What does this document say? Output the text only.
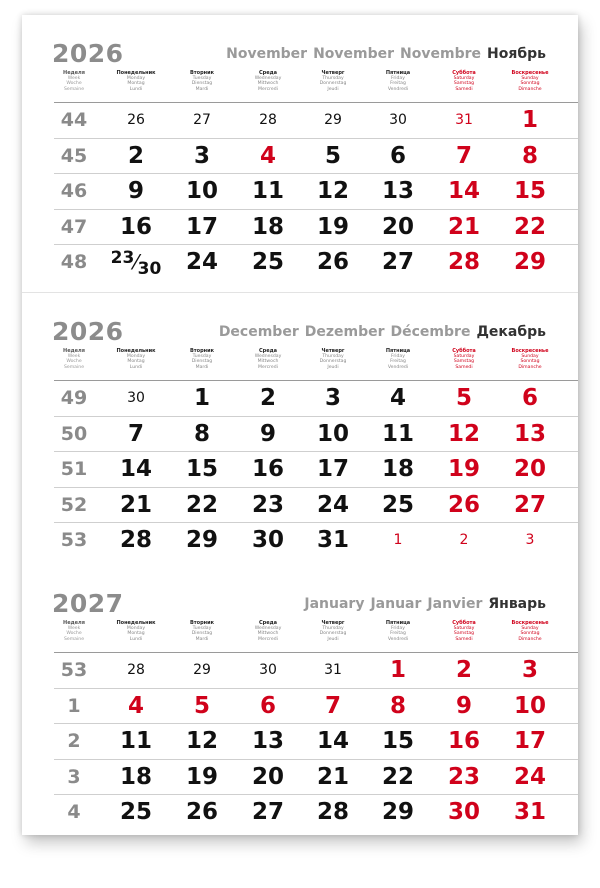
2026	November November Novembre Ноябрь
Неделя
Week
Woche
Semaine
Понедельник
Monday
Montag
Lundi
Вторник
Tuesday
Dienstag
Mardi
Среда
Wednesday
Mittwoch
Mercredi
Четверг
Thursday
Donnerstag
Jeudi
Пятница
Friday
Freitag
Vendredi
Суббота
Saturday
Samstag
Samedi
Воскресенье
Sunday
Sonntag
Dimanche
44	26	27	28	29	30	31	1
45	2	3	4	5	6	7	8
46	9	10	11	12	13	14	15
47	16	17	18	19	20	21	22
48	23⁄30	24	25	26	27	28	29
2026	December Dezember Décembre Декабрь
Неделя
Week
Woche
Semaine
Понедельник
Monday
Montag
Lundi
Вторник
Tuesday
Dienstag
Mardi
Среда
Wednesday
Mittwoch
Mercredi
Четверг
Thursday
Donnerstag
Jeudi
Пятница
Friday
Freitag
Vendredi
Суббота
Saturday
Samstag
Samedi
Воскресенье
Sunday
Sonntag
Dimanche
49	30	1	2	3	4	5	6
50	7	8	9	10	11	12	13
51	14	15	16	17	18	19	20
52	21	22	23	24	25	26	27
53	28	29	30	31	1	2	3
2027	January Januar Janvier Январь
Неделя
Week
Woche
Semaine
Понедельник
Monday
Montag
Lundi
Вторник
Tuesday
Dienstag
Mardi
Среда
Wednesday
Mittwoch
Mercredi
Четверг
Thursday
Donnerstag
Jeudi
Пятница
Friday
Freitag
Vendredi
Суббота
Saturday
Samstag
Samedi
Воскресенье
Sunday
Sonntag
Dimanche
53	28	29	30	31	1	2	3
1	4	5	6	7	8	9	10
2	11	12	13	14	15	16	17
3	18	19	20	21	22	23	24
4	25	26	27	28	29	30	31
